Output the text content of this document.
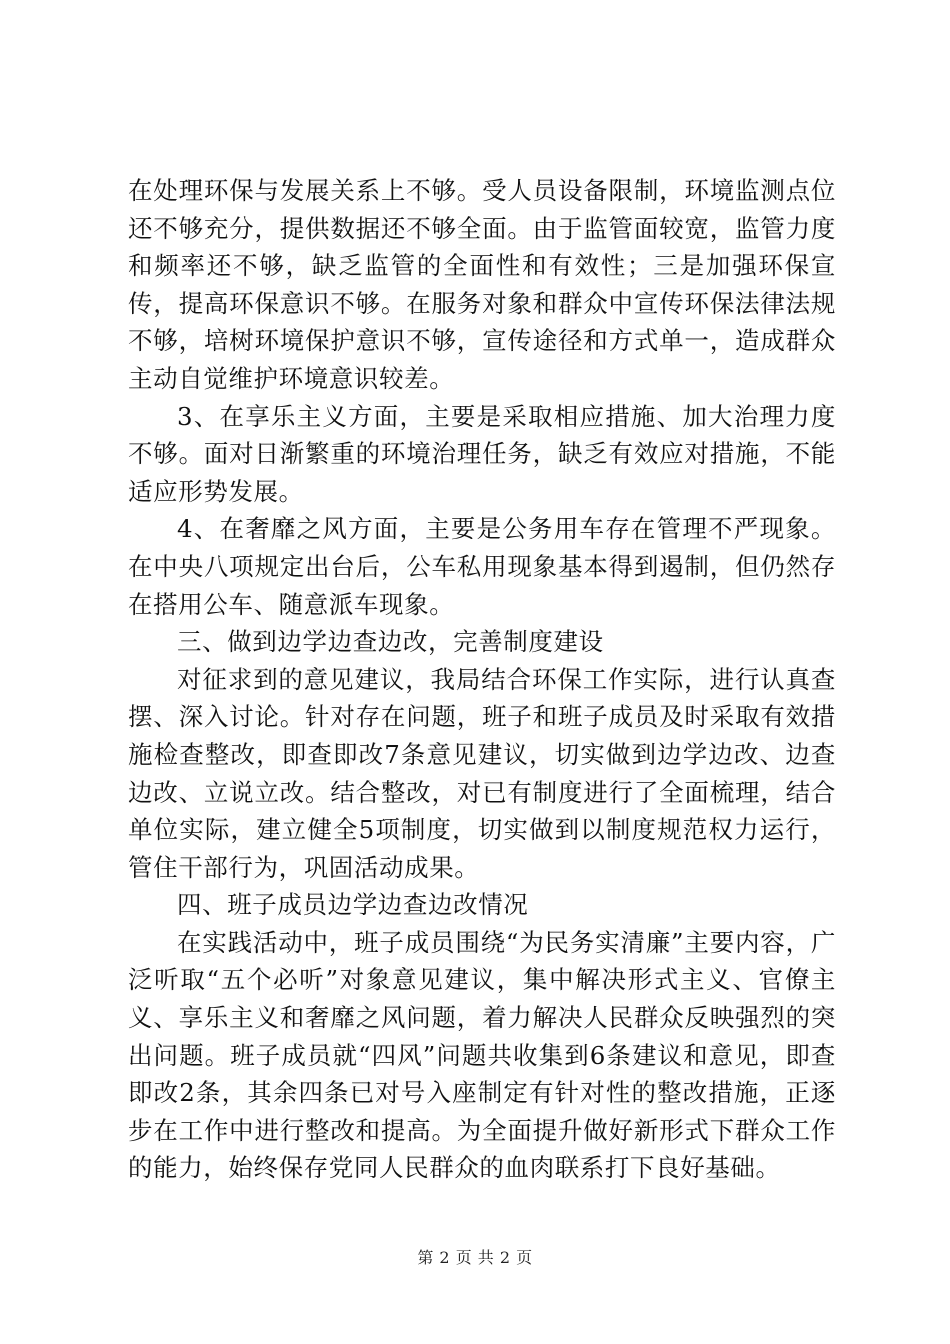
在处理环保与发展关系上不够。受人员设备限制，环境监测点位还不够充分，提供数据还不够全面。由于监管面较宽，监管力度和频率还不够，缺乏监管的全面性和有效性；三是加强环保宣传，提高环保意识不够。在服务对象和群众中宣传环保法律法规不够，培树环境保护意识不够，宣传途径和方式单一，造成群众主动自觉维护环境意识较差。

3、在享乐主义方面，主要是采取相应措施、加大治理力度不够。面对日渐繁重的环境治理任务，缺乏有效应对措施，不能适应形势发展。

4、在奢靡之风方面，主要是公务用车存在管理不严现象。在中央八项规定出台后，公车私用现象基本得到遏制，但仍然存在搭用公车、随意派车现象。

三、做到边学边查边改，完善制度建设

对征求到的意见建议，我局结合环保工作实际，进行认真查摆、深入讨论。针对存在问题，班子和班子成员及时采取有效措施检查整改，即查即改7条意见建议，切实做到边学边改、边查边改、立说立改。结合整改，对已有制度进行了全面梳理，结合单位实际，建立健全5项制度，切实做到以制度规范权力运行，管住干部行为，巩固活动成果。

四、班子成员边学边查边改情况

在实践活动中，班子成员围绕“为民务实清廉”主要内容，广泛听取“五个必听”对象意见建议，集中解决形式主义、官僚主义、享乐主义和奢靡之风问题，着力解决人民群众反映强烈的突出问题。班子成员就“四风”问题共收集到6条建议和意见，即查即改2条，其余四条已对号入座制定有针对性的整改措施，正逐步在工作中进行整改和提高。为全面提升做好新形式下群众工作的能力，始终保存党同人民群众的血肉联系打下良好基础。

第 2 页 共 2 页
